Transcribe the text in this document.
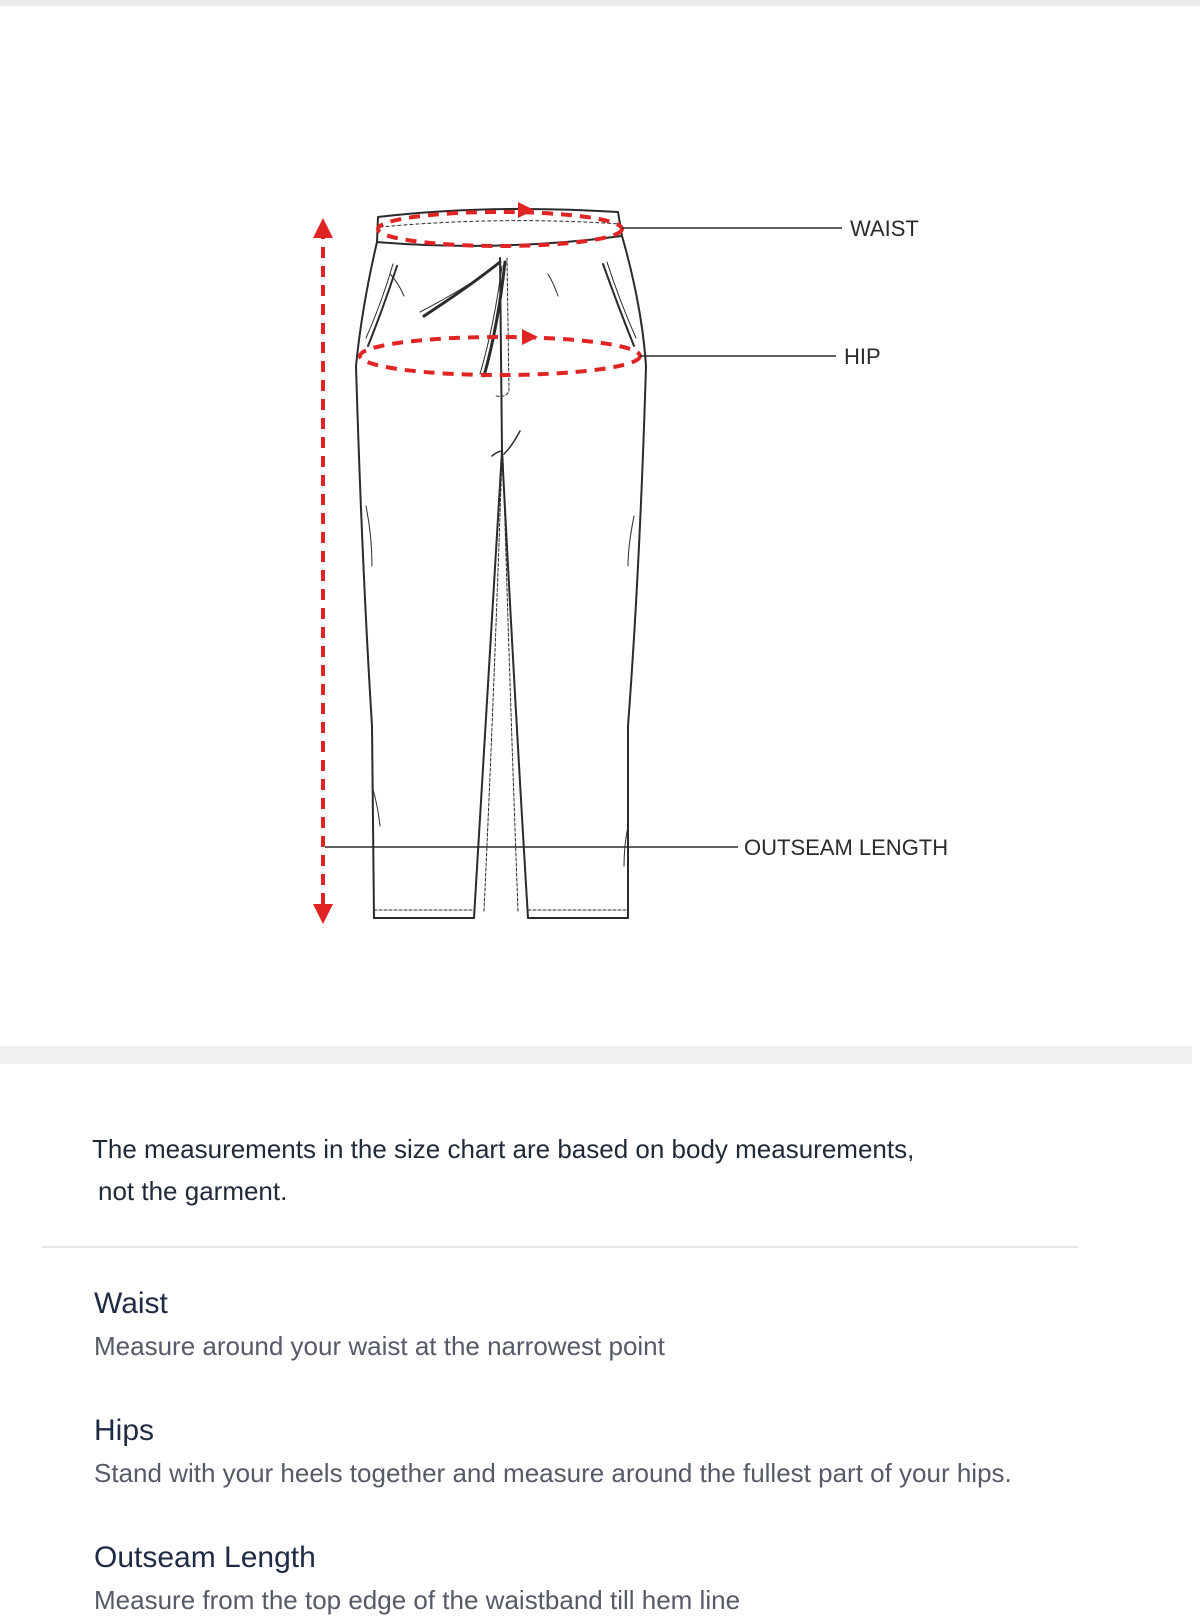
WAIST
HIP
OUTSEAM LENGTH

The measurements in the size chart are based on body measurements,
not the garment.

Waist

Measure around your waist at the narrowest point

Hips

Stand with your heels together and measure around the fullest part of your hips.

Outseam Length

Measure from the top edge of the waistband till hem line
